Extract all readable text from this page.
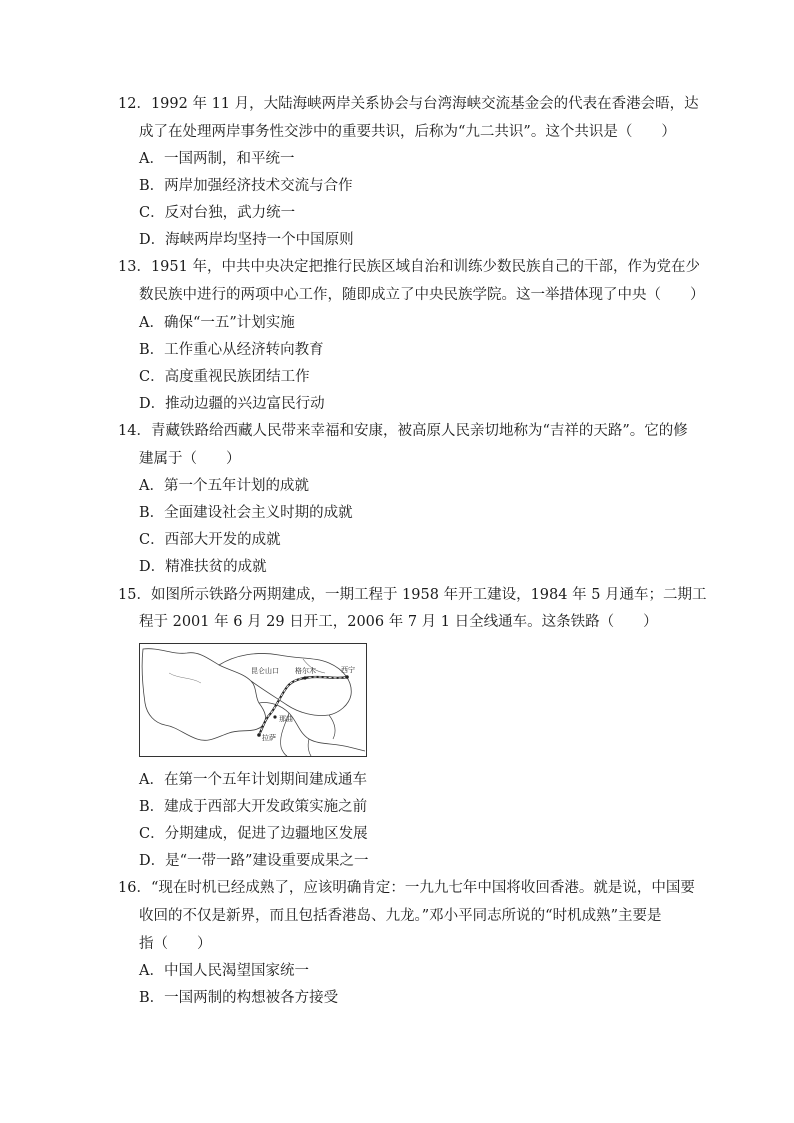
12．1992 年 11 月，大陆海峡两岸关系协会与台湾海峡交流基金会的代表在香港会晤，达
成了在处理两岸事务性交涉中的重要共识，后称为“九二共识”。这个共识是（　　）
A．一国两制，和平统一
B．两岸加强经济技术交流与合作
C．反对台独，武力统一
D．海峡两岸均坚持一个中国原则
13．1951 年，中共中央决定把推行民族区域自治和训练少数民族自己的干部，作为党在少
数民族中进行的两项中心工作，随即成立了中央民族学院。这一举措体现了中央（　　）
A．确保“一五”计划实施
B．工作重心从经济转向教育
C．高度重视民族团结工作
D．推动边疆的兴边富民行动
14．青藏铁路给西藏人民带来幸福和安康，被高原人民亲切地称为“吉祥的天路”。它的修
建属于（　　）
A．第一个五年计划的成就
B．全面建设社会主义时期的成就
C．西部大开发的成就
D．精准扶贫的成就
15．如图所示铁路分两期建成，一期工程于 1958 年开工建设，1984 年 5 月通车；二期工
程于 2001 年 6 月 29 日开工，2006 年 7 月 1 日全线通车。这条铁路（　　）
昆仑山口 格尔木	西宁
那曲
拉萨
A．在第一个五年计划期间建成通车
B．建成于西部大开发政策实施之前
C．分期建成，促进了边疆地区发展
D．是“一带一路”建设重要成果之一
16．“现在时机已经成熟了，应该明确肯定：一九九七年中国将收回香港。就是说，中国要
收回的不仅是新界，而且包括香港岛、九龙。”邓小平同志所说的“时机成熟”主要是
指（　　）
A．中国人民渴望国家统一
B．一国两制的构想被各方接受
